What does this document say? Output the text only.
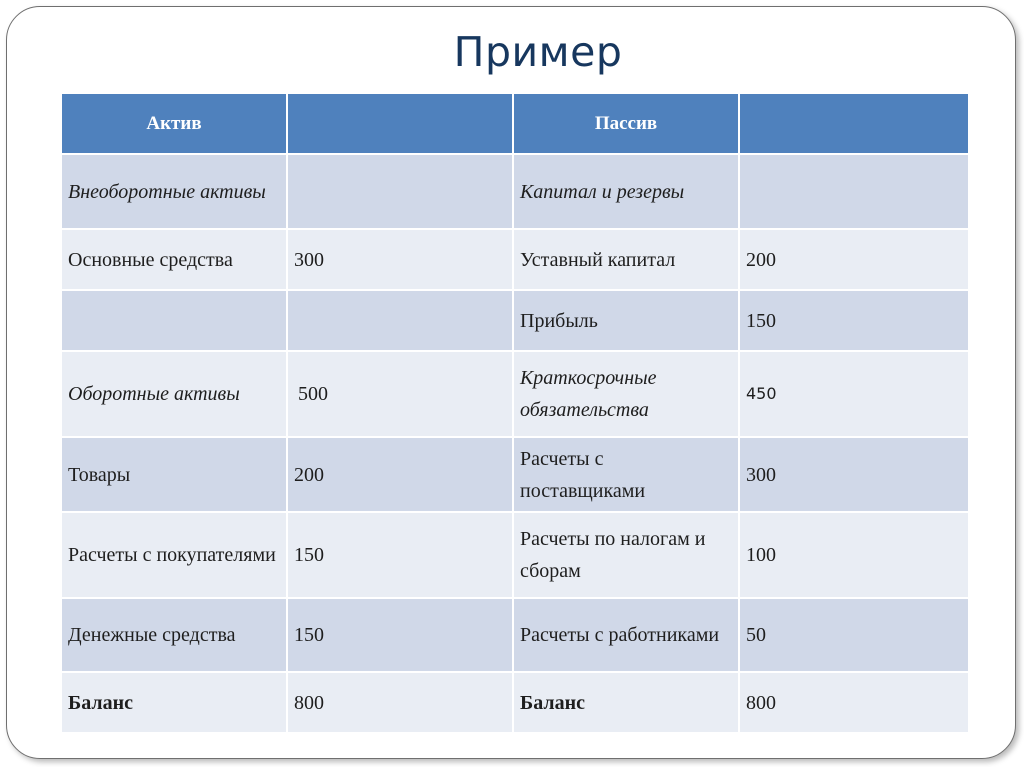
Пример
Актив		Пассив	
Внеоборотные активы		Капитал и резервы	
Основные средства	300	Уставный капитал	200
		Прибыль	150
Оборотные активы	500	Краткосрочные обязательства	450
Товары	200	Расчеты с поставщиками	300
Расчеты с покупателями	150	Расчеты по налогам и сборам	100
Денежные средства	150	Расчеты с работниками	50
Баланс	800	Баланс	800
